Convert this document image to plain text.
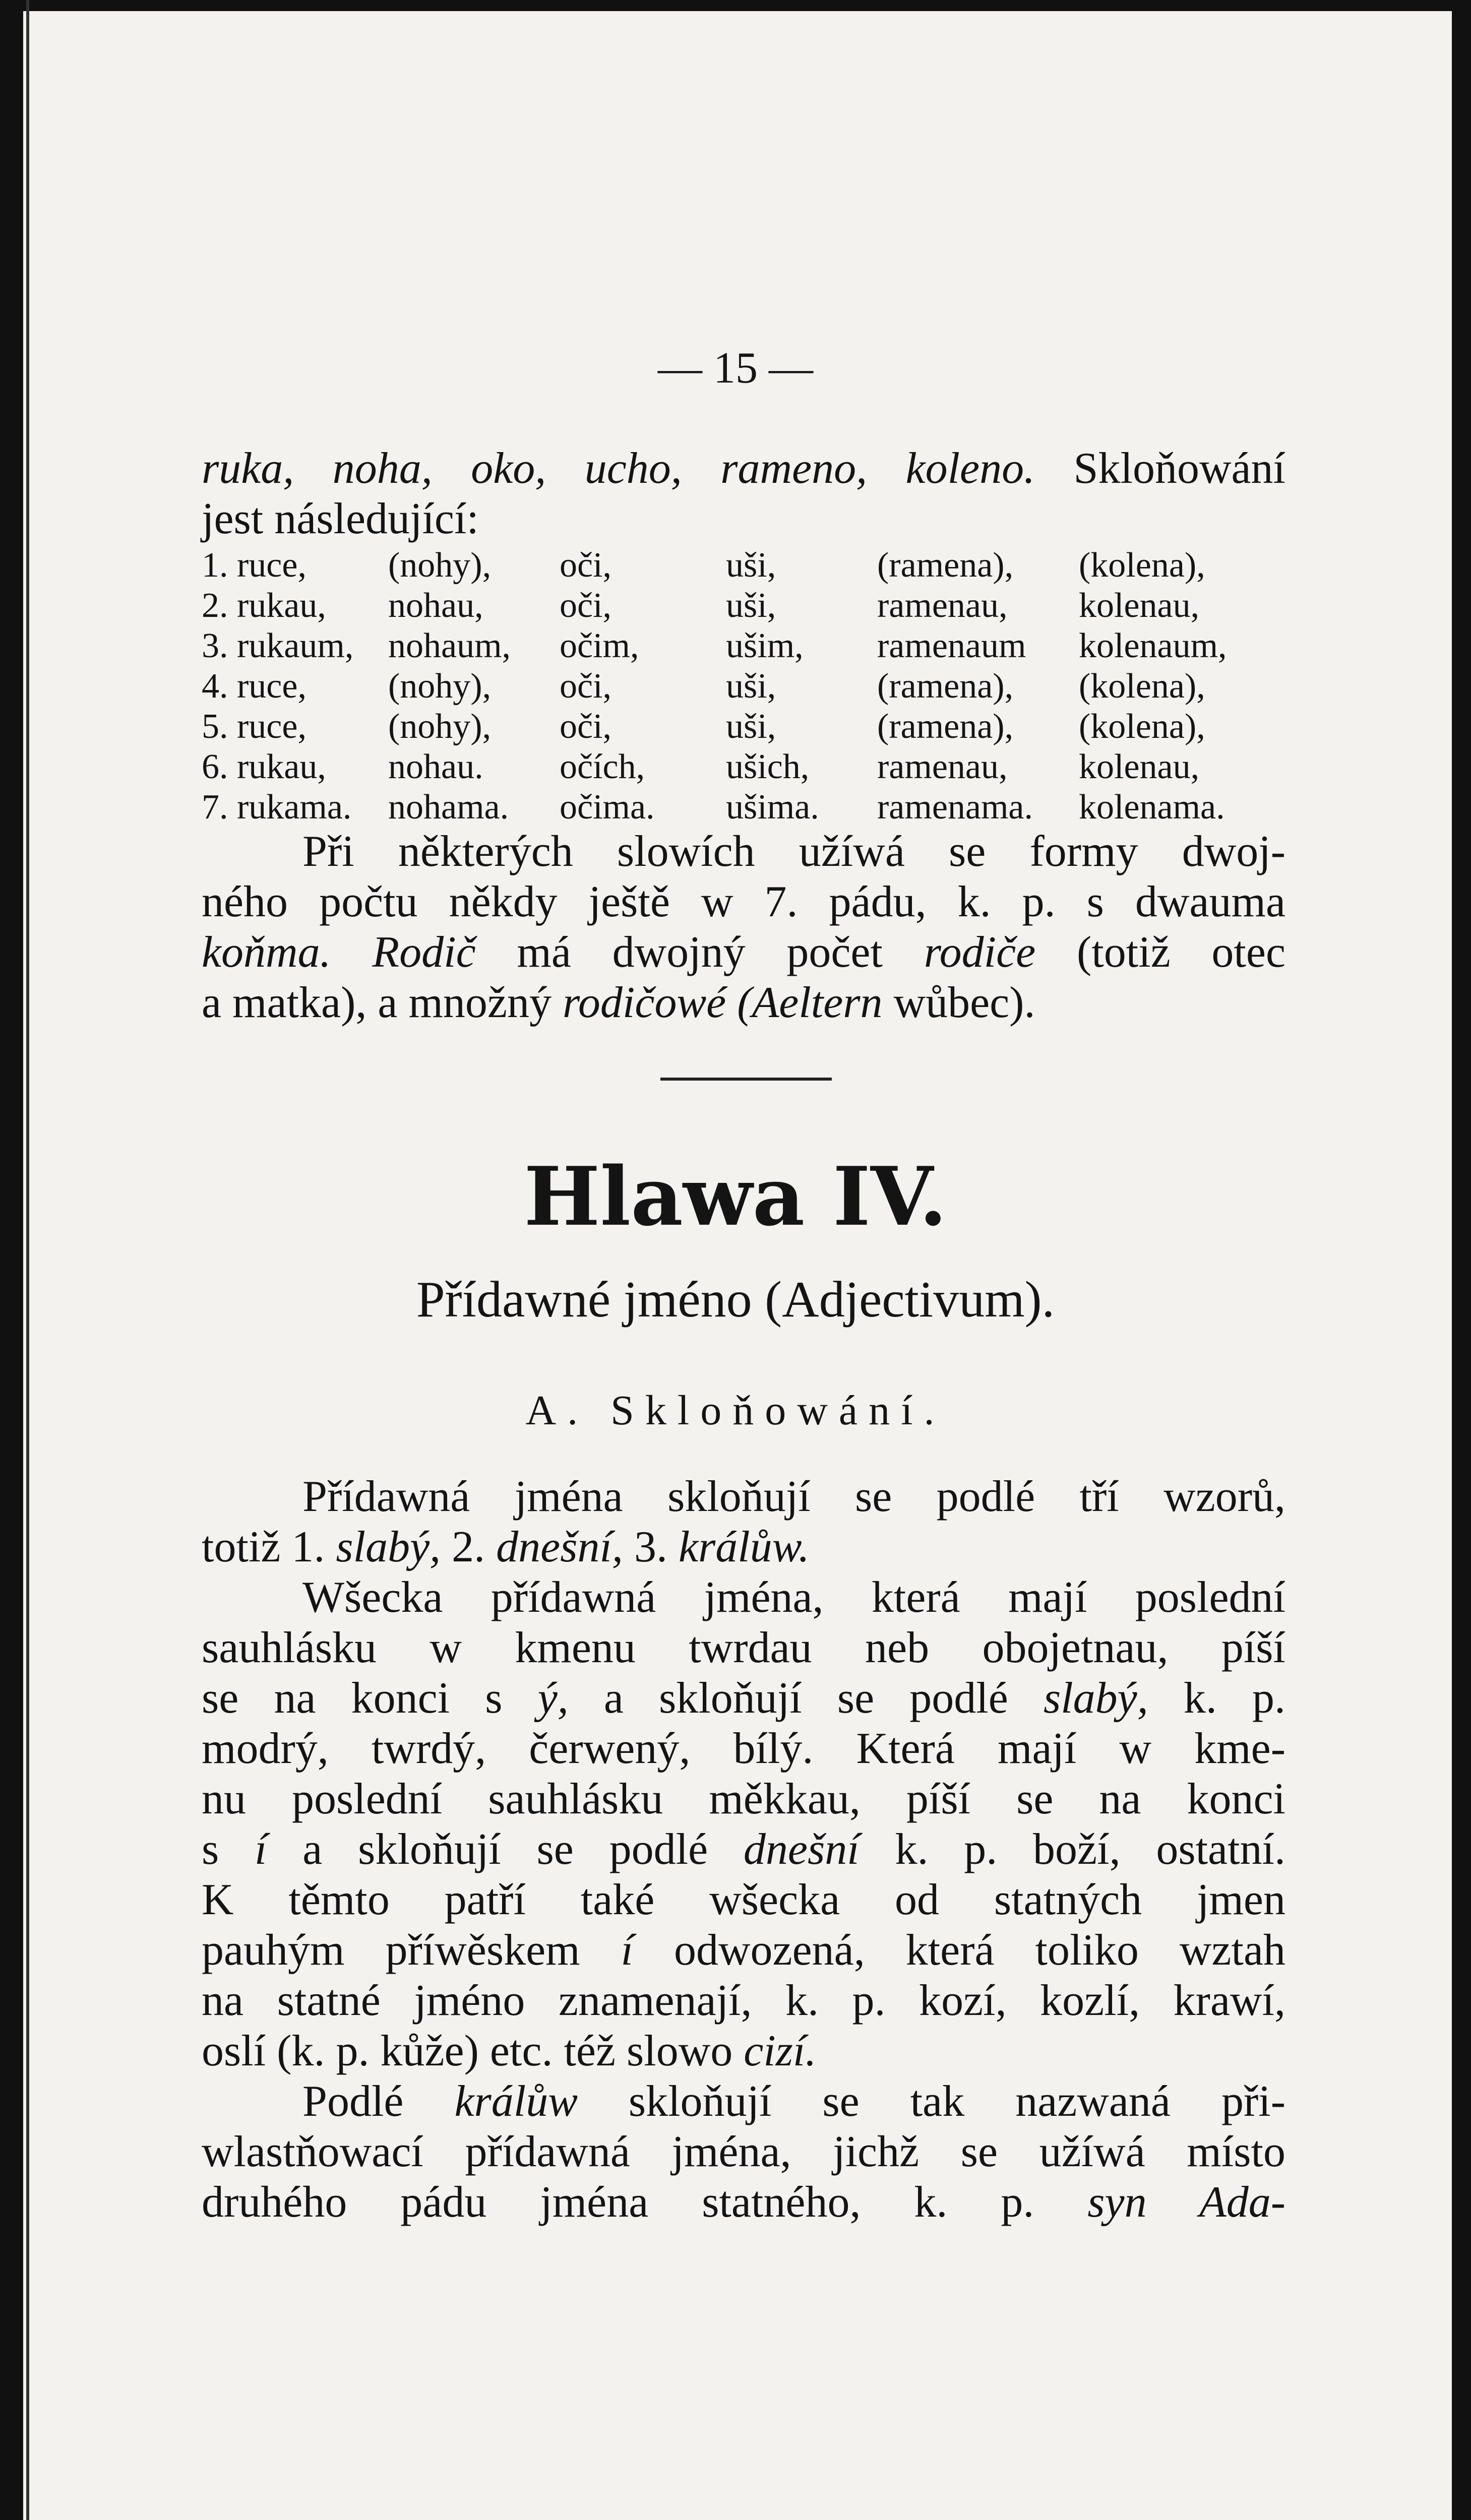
— 15 —
ruka, noha, oko, ucho, rameno, koleno. Skloňowání
jest následující:
1. ruce, (nohy), oči,	uši,	(ramena), (kolena),
2. rukau, nohau, oči,	uši,	ramenau, kolenau,
3. rukaum, nohaum, očim, ušim, ramenaum kolenaum,
4. ruce, (nohy), oči,	uši,	(ramena), (kolena),
5. ruce, (nohy), oči,	uši,	(ramena), (kolena),
6. rukau, nohau. očích, ušich, ramenau, kolenau,
7. rukama. nohama. očima. ušima. ramenama. kolenama.
Při některých slowích užíwá se formy dwoj-
ného počtu někdy ještě w 7. pádu, k. p. s dwauma
koňma. Rodič má dwojný počet rodiče (totiž otec
a matka), a množný rodičowé (Aeltern wůbec).
Hlawa IV.
Přídawné jméno (Adjectivum).
A. Skloňowání.
Přídawná jména skloňují se podlé tří wzorů,
totiž 1. slabý, 2. dnešní, 3. králůw.
Wšecka přídawná jména, která mají poslední
sauhlásku w kmenu twrdau neb obojetnau, píší
se na konci s ý, a skloňují se podlé slabý, k. p.
modrý, twrdý, čerwený, bílý. Která mají w kme-
nu poslední sauhlásku měkkau, píší se na konci
s í a skloňují se podlé dnešní k. p. boží, ostatní.
K těmto patří také wšecka od statných jmen
pauhým příwěskem í odwozená, která toliko wztah
na statné jméno znamenají, k. p. kozí, kozlí, krawí,
oslí (k. p. kůže) etc. též slowo cizí.
Podlé králůw skloňují se tak nazwaná při-
wlastňowací přídawná jména, jichž se užíwá místo
druhého pádu jména statného, k. p. syn Ada-
